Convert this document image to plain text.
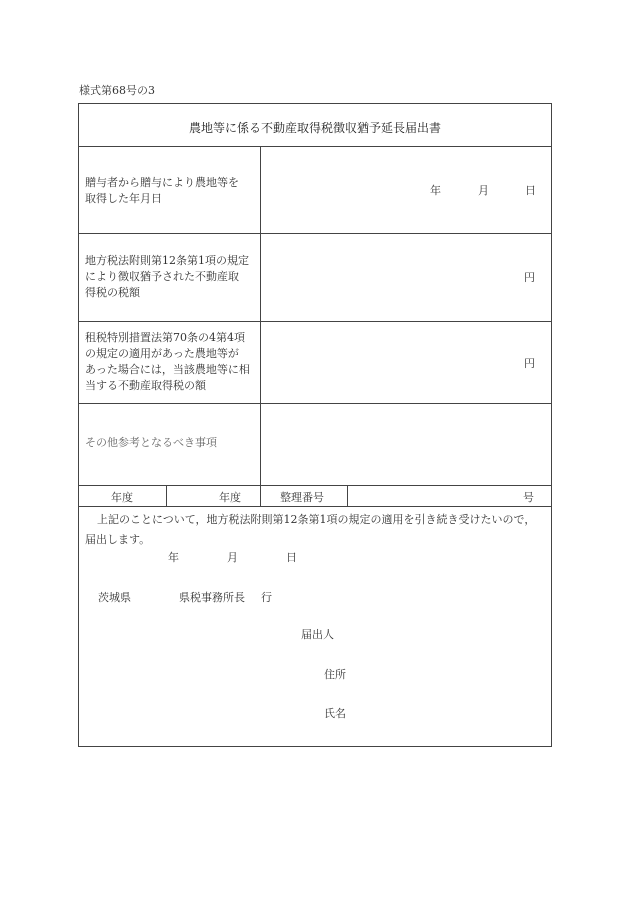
様式第68号の3
農地等に係る不動産取得税徴収猶予延長届出書
贈与者から贈与により農地等を
取得した年月日
年	月	日
地方税法附則第12条第1項の規定
により徴収猶予された不動産取
得税の税額
円
租税特別措置法第70条の4第4項
の規定の適用があった農地等が
あった場合には，当該農地等に相
当する不動産取得税の額
円
その他参考となるべき事項
年度	年度	整理番号	号
上記のことについて，地方税法附則第12条第1項の規定の適用を引き続き受けたいので，
届出します。
年	月	日
茨城県	県税事務所長 行
届出人
住所
氏名
